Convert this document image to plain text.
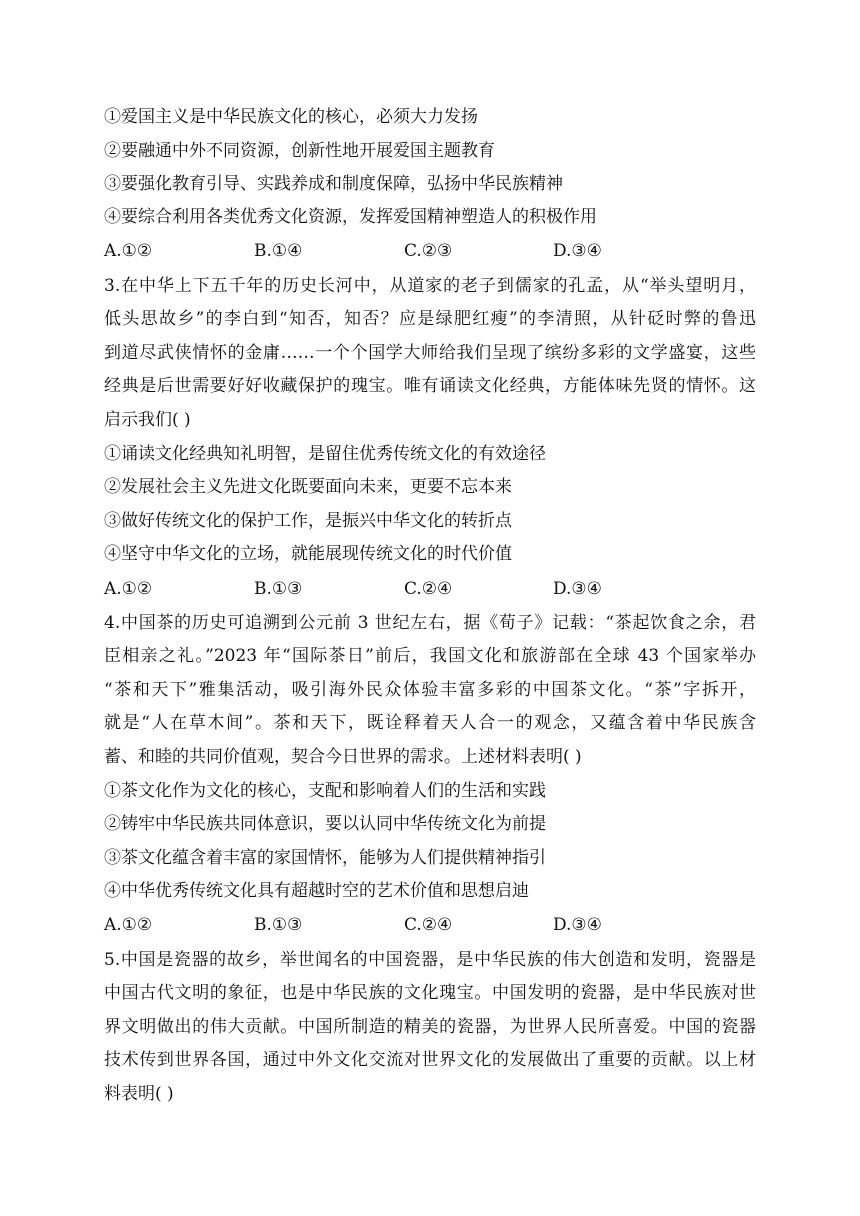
①爱国主义是中华民族文化的核心，必须大力发扬
②要融通中外不同资源，创新性地开展爱国主题教育
③要强化教育引导、实践养成和制度保障，弘扬中华民族精神
④要综合利用各类优秀文化资源，发挥爱国精神塑造人的积极作用
A.①②	B.①④	C.②③	D.③④
3.在中华上下五千年的历史长河中，从道家的老子到儒家的孔孟，从“举头望明月，
低头思故乡”的李白到“知否，知否？应是绿肥红瘦”的李清照，从针砭时弊的鲁迅
到道尽武侠情怀的金庸……一个个国学大师给我们呈现了缤纷多彩的文学盛宴，这些
经典是后世需要好好收藏保护的瑰宝。唯有诵读文化经典，方能体味先贤的情怀。这
启示我们( )
①诵读文化经典知礼明智，是留住优秀传统文化的有效途径
②发展社会主义先进文化既要面向未来，更要不忘本来
③做好传统文化的保护工作，是振兴中华文化的转折点
④坚守中华文化的立场，就能展现传统文化的时代价值
A.①②	B.①③	C.②④	D.③④
4.中国茶的历史可追溯到公元前 3 世纪左右，据《荀子》记载：“茶起饮食之余，君
臣相亲之礼。”2023 年“国际茶日”前后，我国文化和旅游部在全球 43 个国家举办
“茶和天下”雅集活动，吸引海外民众体验丰富多彩的中国茶文化。“茶”字拆开，
就是“人在草木间”。茶和天下，既诠释着天人合一的观念，又蕴含着中华民族含
蓄、和睦的共同价值观，契合今日世界的需求。上述材料表明( )
①茶文化作为文化的核心，支配和影响着人们的生活和实践
②铸牢中华民族共同体意识，要以认同中华传统文化为前提
③茶文化蕴含着丰富的家国情怀，能够为人们提供精神指引
④中华优秀传统文化具有超越时空的艺术价值和思想启迪
A.①②	B.①③	C.②④	D.③④
5.中国是瓷器的故乡，举世闻名的中国瓷器，是中华民族的伟大创造和发明，瓷器是
中国古代文明的象征，也是中华民族的文化瑰宝。中国发明的瓷器，是中华民族对世
界文明做出的伟大贡献。中国所制造的精美的瓷器，为世界人民所喜爱。中国的瓷器
技术传到世界各国，通过中外文化交流对世界文化的发展做出了重要的贡献。以上材
料表明( )
